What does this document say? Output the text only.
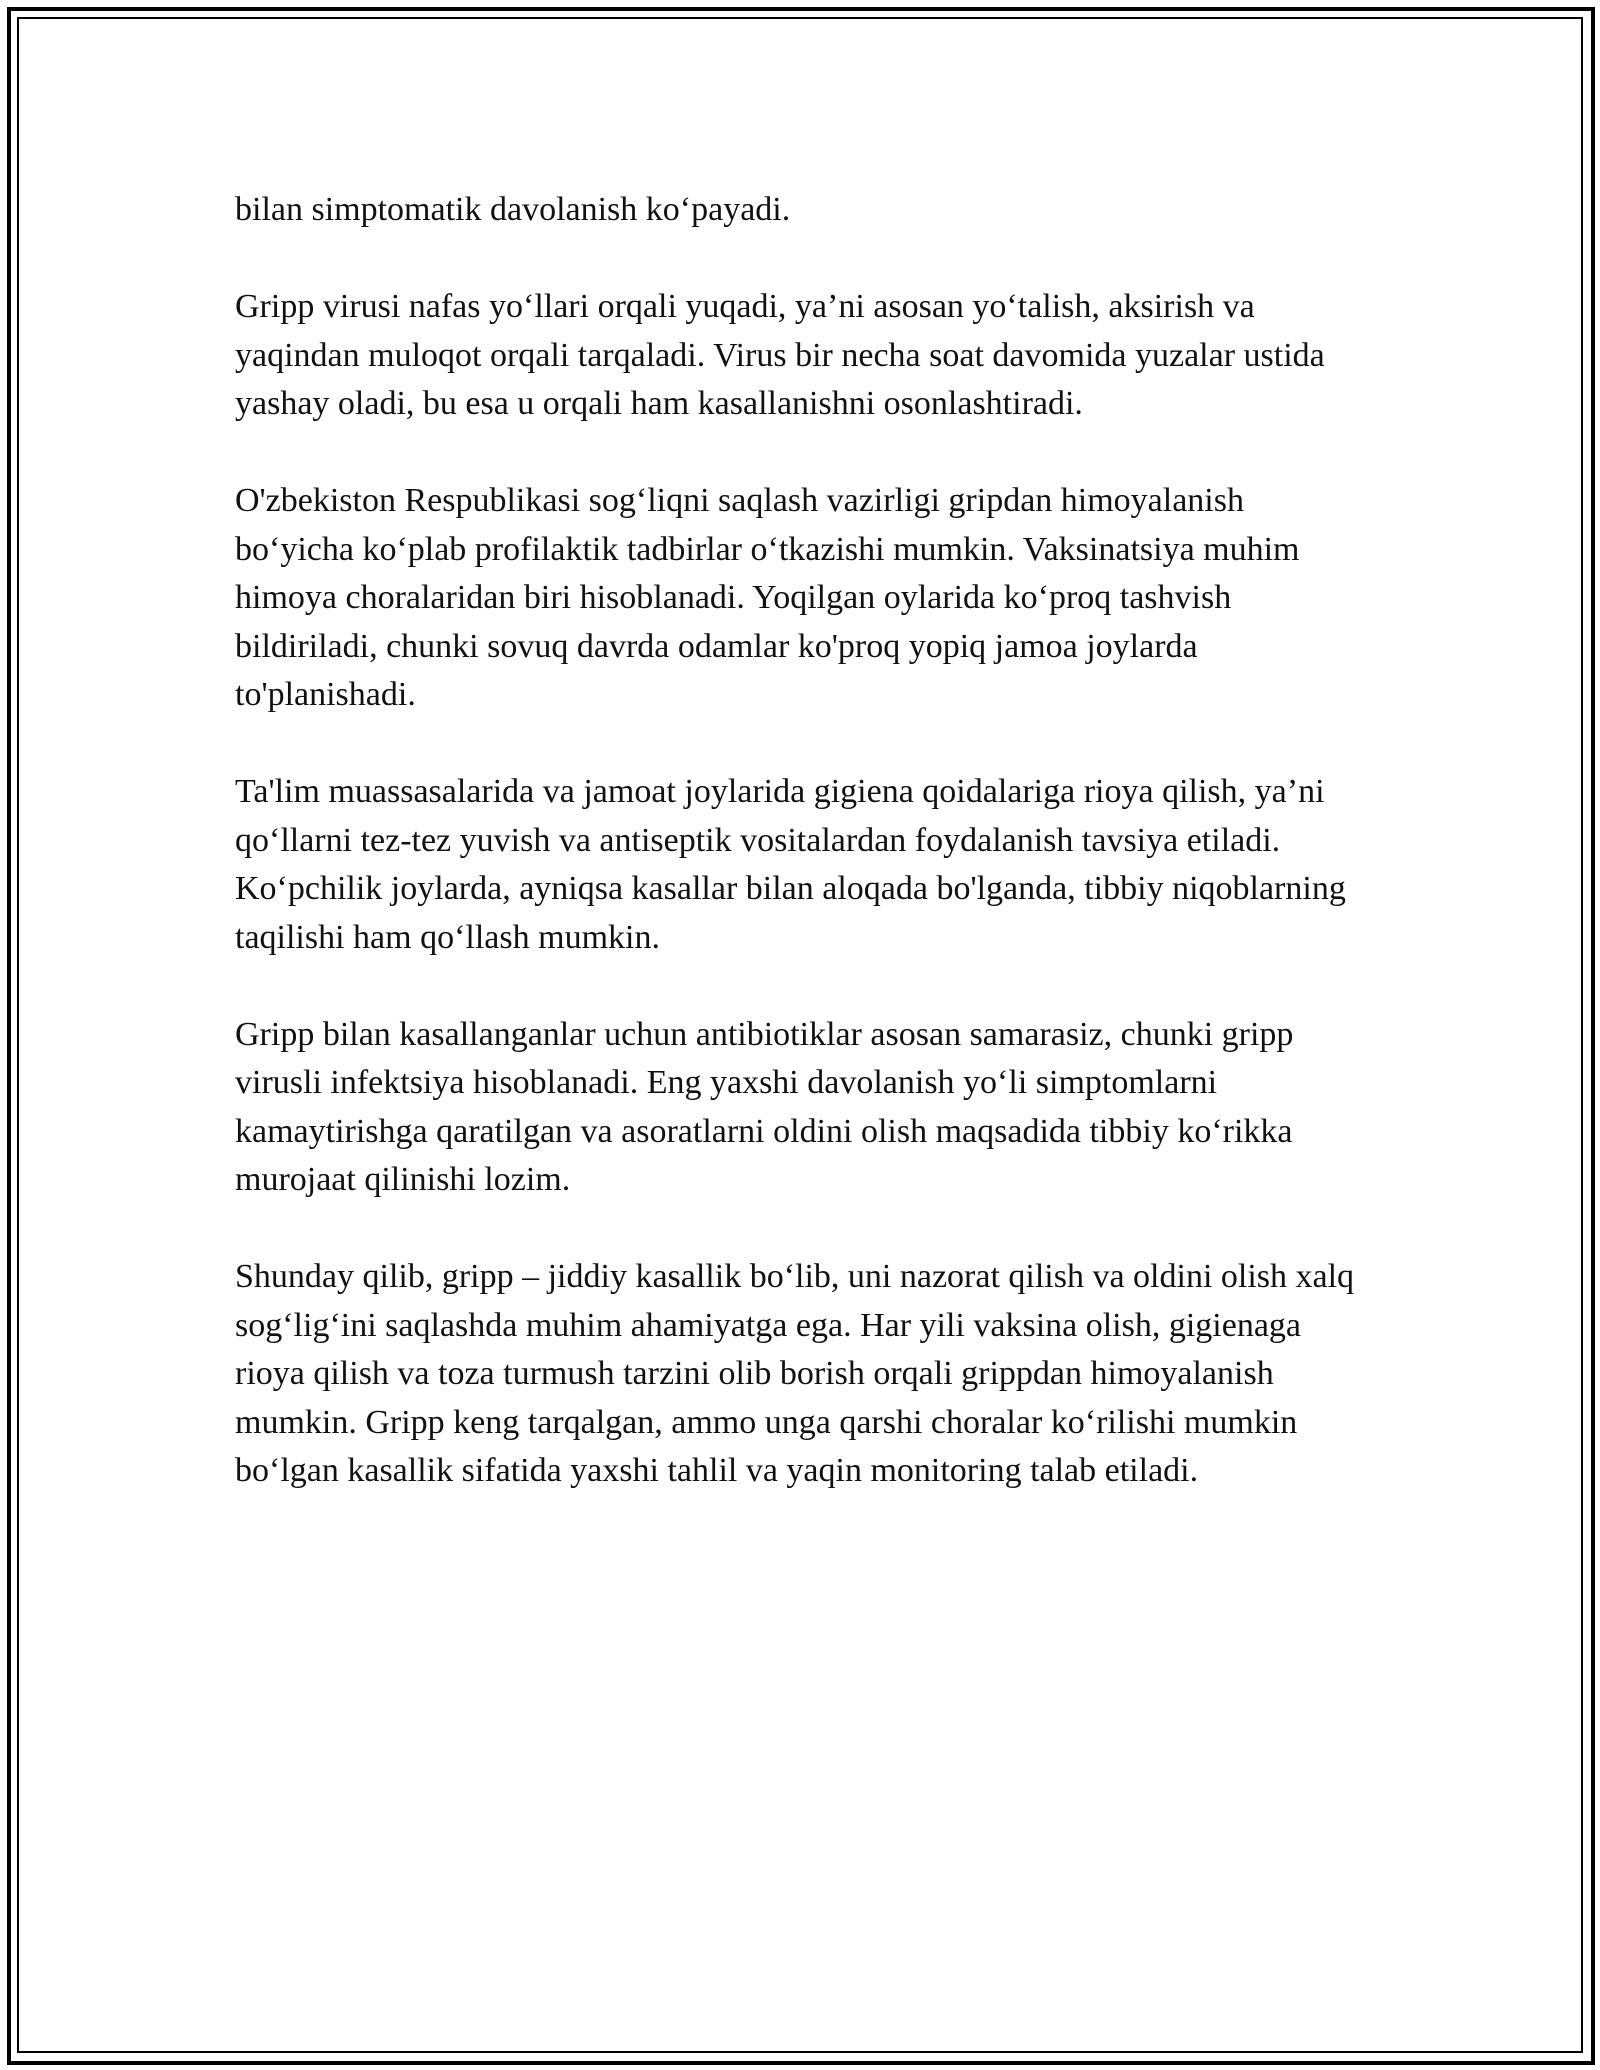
bilan simptomatik davolanish ko‘payadi.

Gripp virusi nafas yo‘llari orqali yuqadi, ya’ni asosan yo‘talish, aksirish va yaqindan muloqot orqali tarqaladi. Virus bir necha soat davomida yuzalar ustida yashay oladi, bu esa u orqali ham kasallanishni osonlashtiradi.

O'zbekiston Respublikasi sog‘liqni saqlash vazirligi gripdan himoyalanish bo‘yicha ko‘plab profilaktik tadbirlar o‘tkazishi mumkin. Vaksinatsiya muhim himoya choralaridan biri hisoblanadi. Yoqilgan oylarida ko‘proq tashvish bildiriladi, chunki sovuq davrda odamlar ko'proq yopiq jamoa joylarda to'planishadi.

Ta'lim muassasalarida va jamoat joylarida gigiena qoidalariga rioya qilish, ya’ni qo‘llarni tez-tez yuvish va antiseptik vositalardan foydalanish tavsiya etiladi. Ko‘pchilik joylarda, ayniqsa kasallar bilan aloqada bo'lganda, tibbiy niqoblarning taqilishi ham qo‘llash mumkin.

Gripp bilan kasallanganlar uchun antibiotiklar asosan samarasiz, chunki gripp virusli infektsiya hisoblanadi. Eng yaxshi davolanish yo‘li simptomlarni kamaytirishga qaratilgan va asoratlarni oldini olish maqsadida tibbiy ko‘rikka murojaat qilinishi lozim.

Shunday qilib, gripp – jiddiy kasallik bo‘lib, uni nazorat qilish va oldini olish xalq sog‘lig‘ini saqlashda muhim ahamiyatga ega. Har yili vaksina olish, gigienaga rioya qilish va toza turmush tarzini olib borish orqali grippdan himoyalanish mumkin. Gripp keng tarqalgan, ammo unga qarshi choralar ko‘rilishi mumkin bo‘lgan kasallik sifatida yaxshi tahlil va yaqin monitoring talab etiladi.
